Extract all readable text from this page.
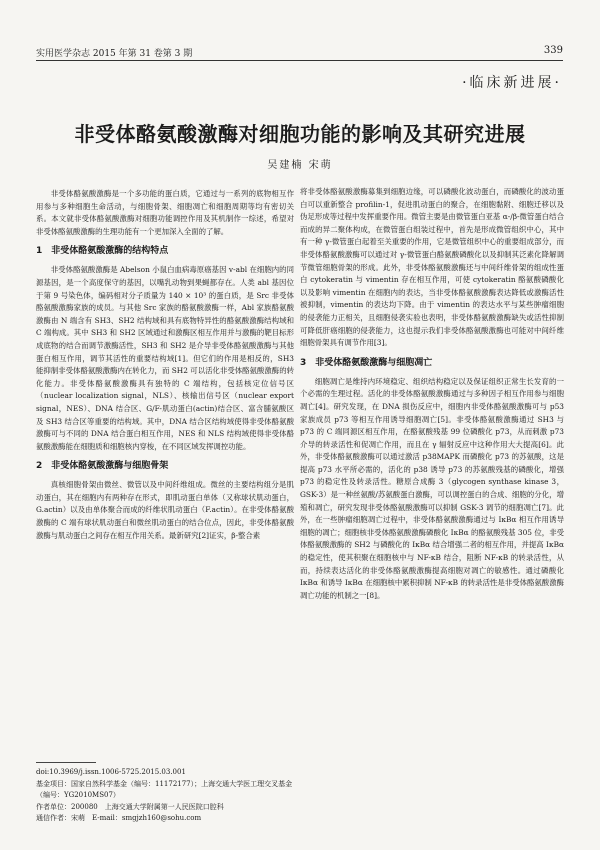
实用医学杂志 2015 年第 31 卷第 3 期	339
·临床新进展·
非受体酪氨酸激酶对细胞功能的影响及其研究进展
吴建楠 宋萌

非受体酪氨酸激酶是一个多功能的蛋白质，它通过与一系列的底物相互作用参与多种细胞生命活动，与细胞骨架、细胞凋亡和细胞周期等均有密切关系。本文就非受体酪氨酸激酶对细胞功能调控作用及其机制作一综述，希望对非受体酪氨酸激酶的生理功能有一个更加深入全面的了解。

1　非受体酪氨酸激酶的结构特点

非受体酪氨酸激酶是 Abelson 小鼠白血病毒原癌基因 v-abl 在细胞内的同源基因，是一个高度保守的基因，以嘴乳动物到果蝇都存在。人类 abl 基因位于第 9 号染色体，编码相对分子质量为 140 × 10³ 的蛋白质，是 Src 非受体酪氨酸激酶家族的成员。与其他 Src 家族的酪氨酸激酶一样，Abl 家族酪氨酸激酶由 N 端含有 SH3、SH2 结构域和具有底物特异性的酪氨酸激酶结构域和 C 端构成。其中 SH3 和 SH2 区域通过和激酶区相互作用并与激酶的靶目标形成底物的结合而调节激酶活性，SH3 和 SH2 是介导非受体酪氨酸激酶与其他蛋白相互作用，调节其活性的重要结构域[1]。但它们的作用是相反的，SH3 能抑制非受体酪氨酸激酶内在转化力，而 SH2 可以活化非受体酪氨酸激酶的转化能力。非受体酪氨酸激酶具有独特的 C 端结构，包括核定位信号区（nuclear localization signal，NLS）、核输出信号区（nuclear export signal，NES）、DNA 结合区、G/F-肌动蛋白(actin)结合区、富含脯氨酸区及 SH3 结合区等重要的结构域。其中，DNA 结合区结构域使得非受体酪氨酸激酶可与不同的 DNA 结合蛋白相互作用，NES 和 NLS 结构域使得非受体酪氨酸激酶能在细胞质和细胞核内穿梭，在不同区域发挥调控功能。

2　非受体酪氨酸激酶与细胞骨架

真核细胞骨架由微丝、微管以及中间纤维组成。微丝的主要结构组分是肌动蛋白，其在细胞内有两种存在形式，即肌动蛋白单体（又称球状肌动蛋白，G.actin）以及由单体聚合而成的纤维状肌动蛋白（F.actin）。在非受体酪氨酸激酶的 C 端有球状肌动蛋白和微丝肌动蛋白的结合位点，因此，非受体酪氨酸激酶与肌动蛋白之间存在相互作用关系。最新研究[2]证实，β-整合素

doi:10.3969/j.issn.1006-5725.2015.03.001
基金项目：国家自然科学基金（编号：11172177）；上海交通大学医工理交叉基金（编号：YG2010MS07）
作者单位：200080　上海交通大学附属第一人民医院口腔科
通信作者：宋萌　E-mail：smgjzh160@sohu.com

将非受体酪氨酸激酶募集到细胞边缘，可以磷酸化波动蛋白，而磷酸化的波动蛋白可以重新整合 profilin-1，促进肌动蛋白的聚合，在细胞黏附、细胞迁移以及伪足形成等过程中发挥重要作用。微管主要是由微管蛋白亚基 α-/β-微管蛋白结合而成的异二聚体构成，在微管蛋白组装过程中，首先是形成微管组织中心，其中有一种 γ-微管蛋白起着至关重要的作用，它是微管组织中心的重要组成部分，而非受体酪氨酸激酶可以通过对 γ-微管蛋白酪氨酸磷酸化以及抑制其泛素化降解调节微管细胞骨架的形成。此外，非受体酪氨酸激酶还与中间纤维骨架的组成性蛋白 cytokeratin 与 vimentin 存在相互作用，可使 cytokeratin 酪氨酸磷酸化以及影响 vimentin 在细胞内的表达，当非受体酪氨酸激酶表达降低或激酶活性被抑制，vimentin 的表达均下降。由于 vimentin 的表达水平与某些肿瘤细胞的侵袭能力正相关，且细胞侵袭实验也表明，非受体酪氨酸激酶缺失或活性抑制可降低肝癌细胞的侵袭能力，这也提示我们非受体酪氨酸激酶也可能对中间纤维细胞骨架具有调节作用[3]。

3　非受体酪氨酸激酶与细胞凋亡

细胞凋亡是维持内环境稳定、组织结构稳定以及保证组织正常生长发育的一个必需的生理过程。活化的非受体酪氨酸激酶通过与多种因子相互作用参与细胞凋亡[4]。研究发现，在 DNA 损伤反应中，细胞内非受体酪氨酸激酶可与 p53 家族成员 p73 等相互作用诱导细胞凋亡[5]。非受体酪氨酸激酶通过 SH3 与 p73 的 C 端同源区相互作用，在酪氨酸残基 99 位磷酸化 p73，从而刺激 p73 介导的转录活性和促凋亡作用，而且在 γ 辐射反应中这种作用大大提高[6]。此外，非受体酪氨酸激酶可以通过激活 p38MAPK 而磷酸化 p73 的苏氨酸，这是提高 p73 水平所必需的，活化的 p38 诱导 p73 的苏氨酸残基的磷酸化，增强 p73 的稳定性及转录活性。糖原合成酶 3（glycogen synthase kinase 3，GSK-3）是一种丝氨酸/苏氨酸蛋白激酶，可以调控蛋白的合成、细胞的分化，增殖和凋亡，研究发现非受体酪氨酸激酶可以抑制 GSK-3 调节的细胞凋亡[7]。此外，在一些肿瘤细胞凋亡过程中，非受体酪氨酸激酶通过与 IκBα 相互作用诱导细胞的凋亡；细胞核非受体酪氨酸激酶磷酸化 IκBα 的酪氨酸残基 305 位，非受体酪氨酸激酶的 SH2 与磷酸化的 IκBα 结合增强二者的相互作用，并提高 IκBα 的稳定性，使其积聚在细胞核中与 NF-κB 结合，阻断 NF-κB 的转录活性，从而，持续表达活化的非受体酪氨酸激酶提高细胞对凋亡的敏感性。通过磷酸化 IκBα 和诱导 IκBα 在细胞核中累积抑制 NF-κB 的转录活性是非受体酪氨酸激酶凋亡功能的机制之一[8]。
